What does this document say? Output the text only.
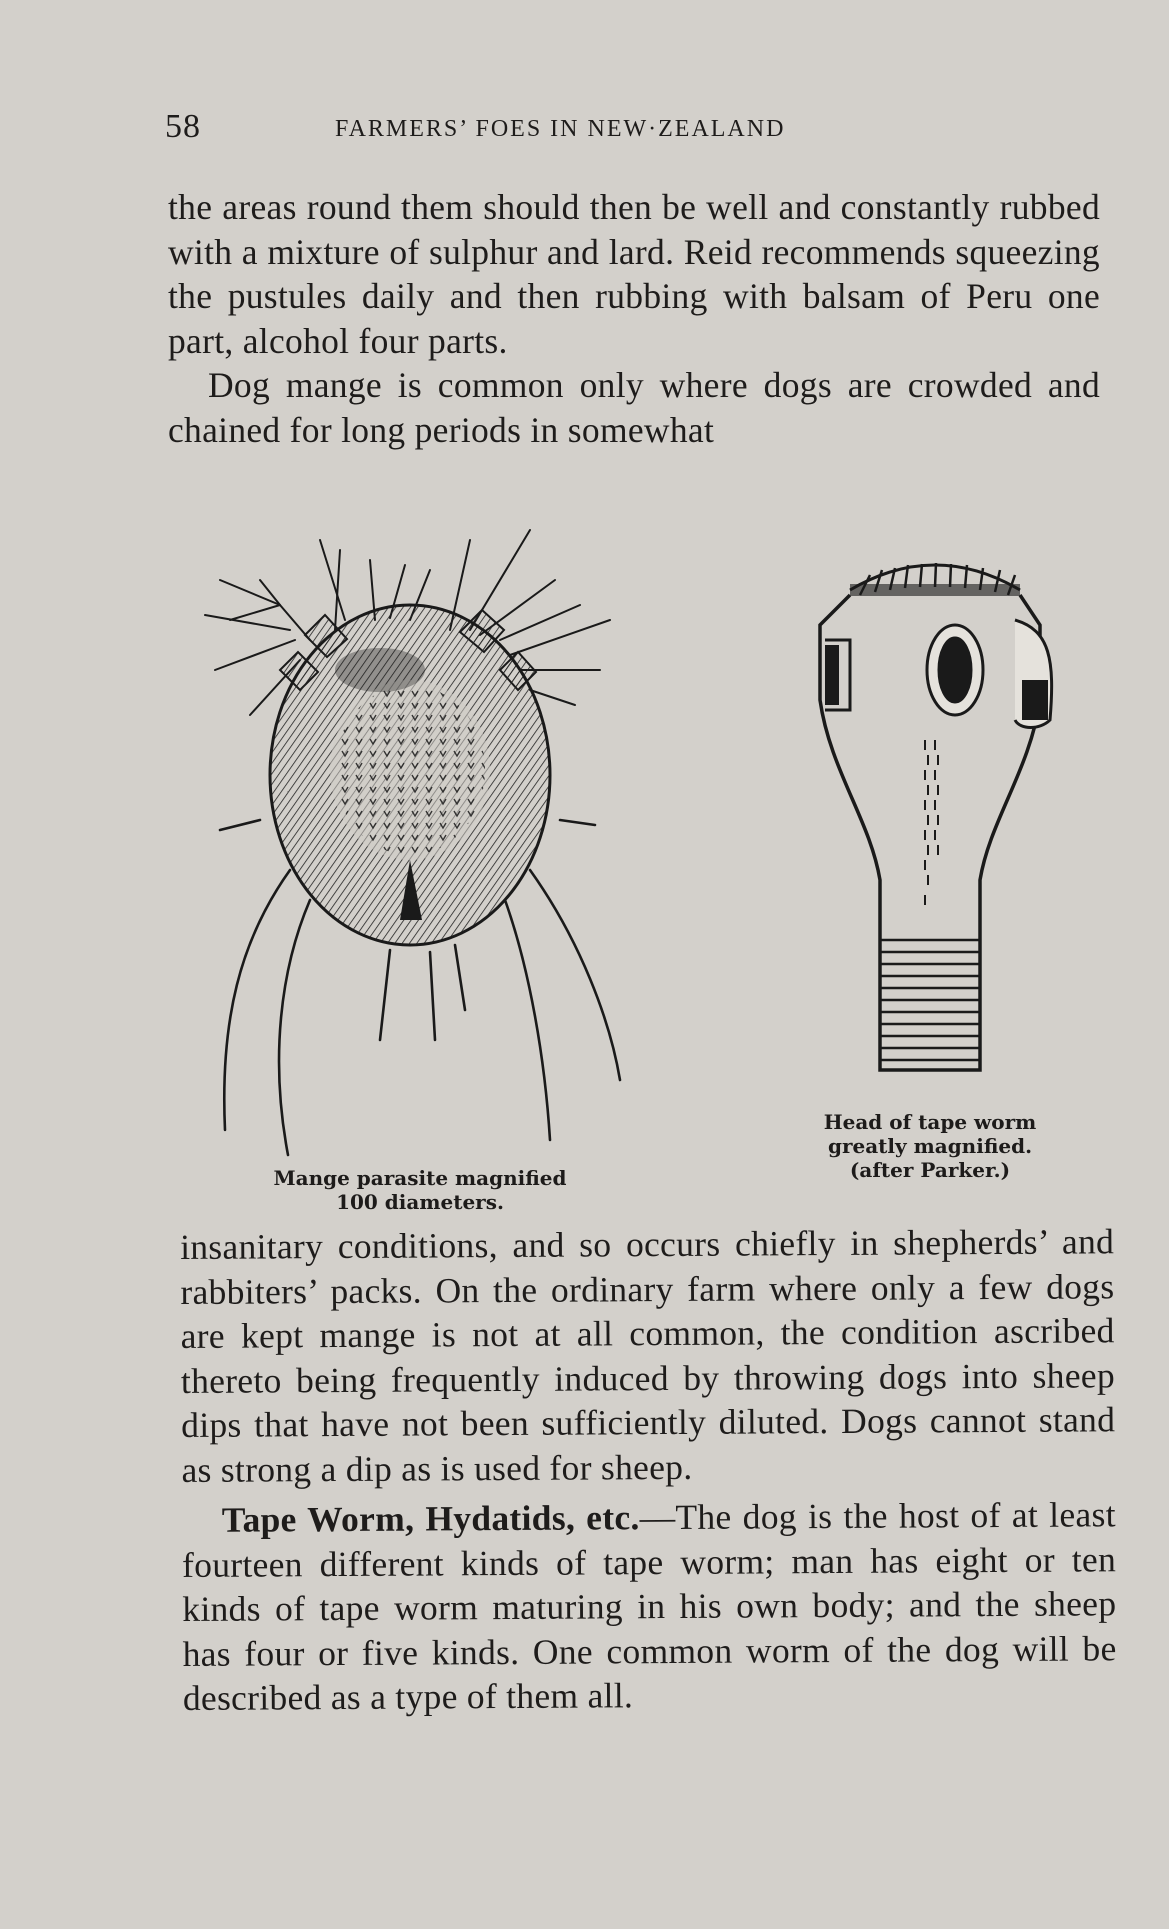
58	FARMERS’ FOES IN NEW·ZEALAND

the areas round them should then be well and constantly rubbed with a mixture of sulphur and lard. Reid recommends squeezing the pustules daily and then rubbing with balsam of Peru one part, alcohol four parts.

Dog mange is common only where dogs are crowded and chained for long periods in somewhat

Mange parasite magnified
100 diameters.
Head of tape worm
greatly magnified.
(after Parker.)

insanitary conditions, and so occurs chiefly in shepherds’ and rabbiters’ packs. On the ordinary farm where only a few dogs are kept mange is not at all common, the condition ascribed thereto being frequently induced by throwing dogs into sheep dips that have not been sufficiently diluted. Dogs cannot stand as strong a dip as is used for sheep.

Tape Worm, Hydatids, etc.—The dog is the host of at least fourteen different kinds of tape worm; man has eight or ten kinds of tape worm maturing in his own body; and the sheep has four or five kinds. One common worm of the dog will be described as a type of them all.
